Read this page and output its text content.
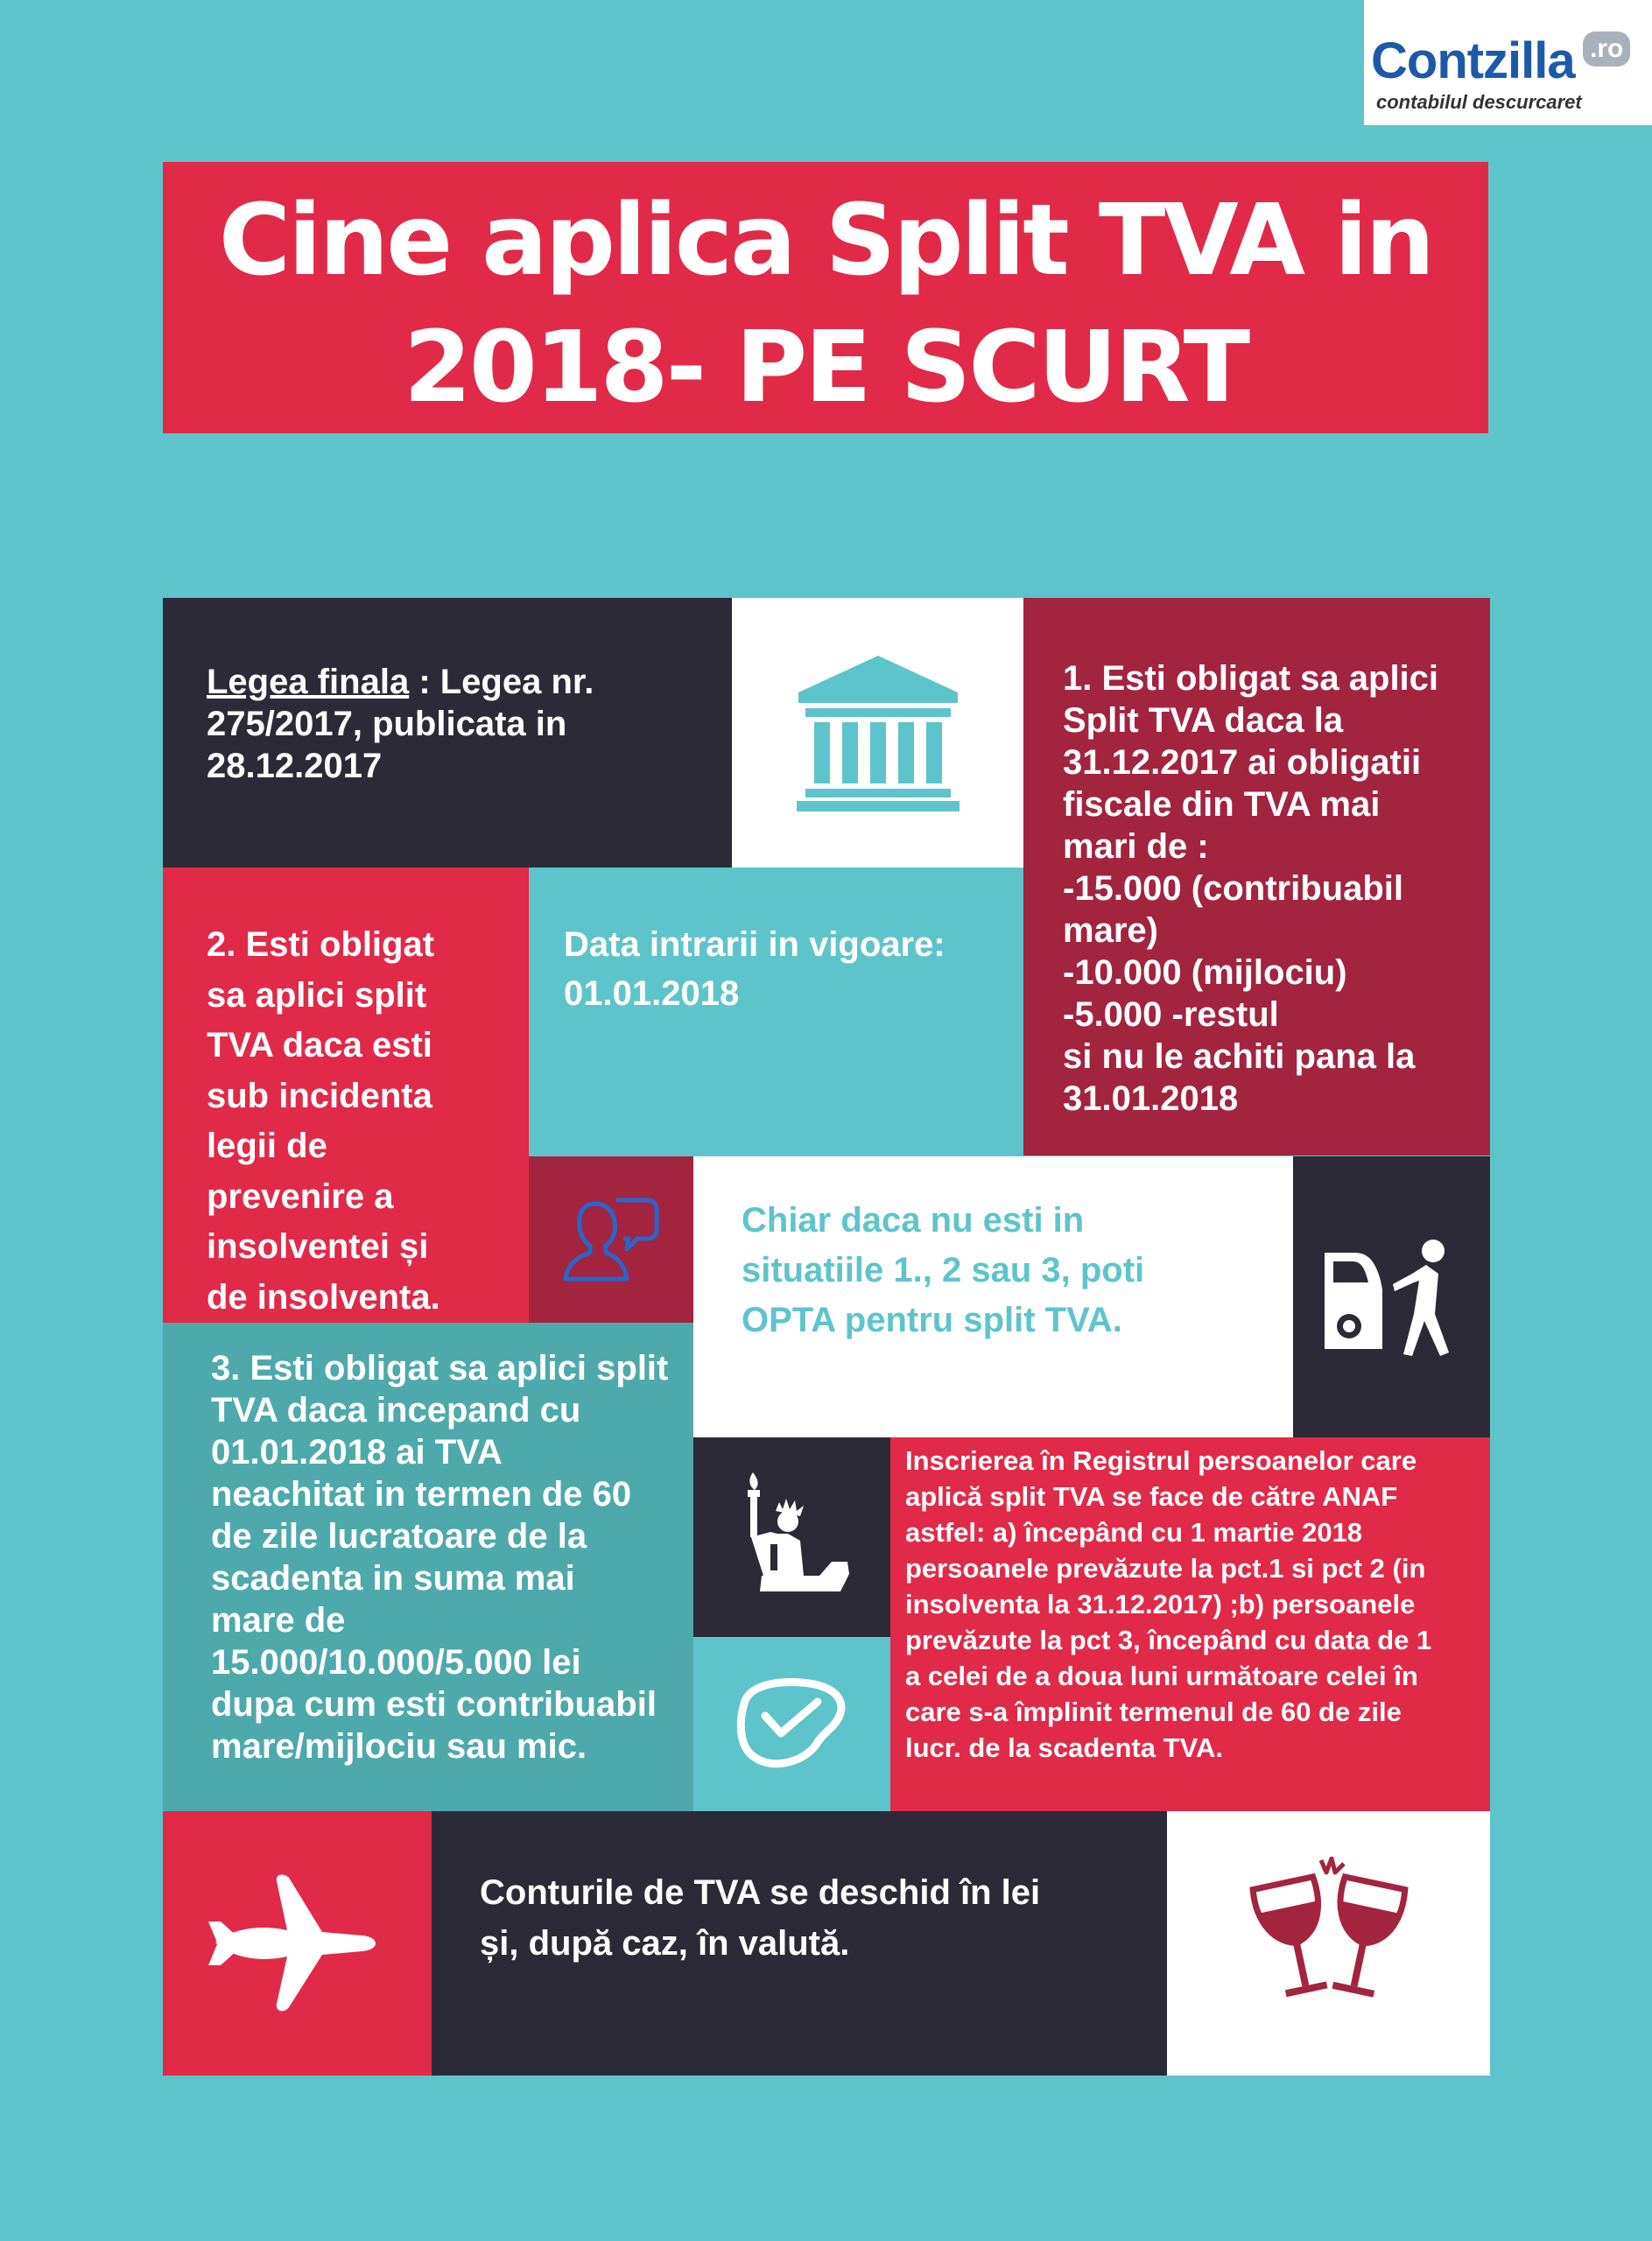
Contzilla .ro
contabilul descurcaret
Cine aplica Split TVA in
2018- PE SCURT
Legea finala : Legea nr. 275/2017, publicata in 28.12.2017
1. Esti obligat sa aplici
Split TVA daca la
31.12.2017 ai obligatii
fiscale din TVA mai
mari de :
-15.000 (contribuabil
mare)
-10.000 (mijlociu)
-5.000 -restul
si nu le achiti pana la
31.01.2018
2. Esti obligat
sa aplici split
TVA daca esti
sub incidenta
legii de
prevenire a
insolventei și
de insolventa.
Data intrarii in vigoare:
01.01.2018
Chiar daca nu esti in
situatiile 1., 2 sau 3, poti
OPTA pentru split TVA.
3. Esti obligat sa aplici split
TVA daca incepand cu
01.01.2018 ai TVA
neachitat in termen de 60
de zile lucratoare de la
scadenta in suma mai
mare de
15.000/10.000/5.000 lei
dupa cum esti contribuabil
mare/mijlociu sau mic.
Inscrierea în Registrul persoanelor care
aplică split TVA se face de către ANAF
astfel: a) începând cu 1 martie 2018
persoanele prevăzute la pct.1 si pct 2 (in
insolventa la 31.12.2017) ;b) persoanele
prevăzute la pct 3, începând cu data de 1
a celei de a doua luni următoare celei în
care s-a împlinit termenul de 60 de zile
lucr. de la scadenta TVA.
Conturile de TVA se deschid în lei
și, după caz, în valută.
